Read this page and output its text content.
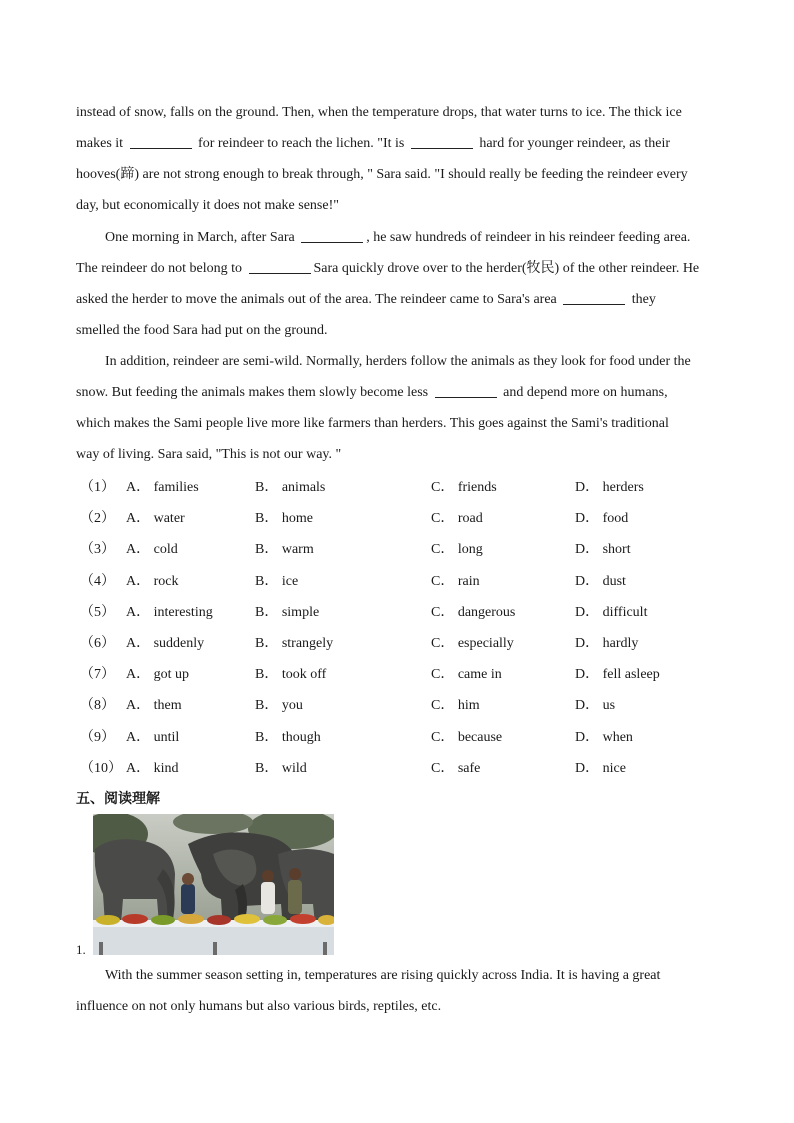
instead of snow, falls on the ground. Then, when the temperature drops, that water turns to ice. The thick ice
makes it	for reindeer to reach the lichen. "It is	hard for younger reindeer, as their
hooves(蹄) are not strong enough to break through, " Sara said. "I should really be feeding the reindeer every
day, but economically it does not make sense!"
One morning in March, after Sara	, he saw hundreds of reindeer in his reindeer feeding area.
The reindeer do not belong to	Sara quickly drove over to the herder(牧民) of the other reindeer. He
asked the herder to move the animals out of the area. The reindeer came to Sara's area	they
smelled the food Sara had put on the ground.
In addition, reindeer are semi-wild. Normally, herders follow the animals as they look for food under the
snow. But feeding the animals makes them slowly become less	and depend more on humans,
which makes the Sami people live more like farmers than herders. This goes against the Sami's traditional
way of living. Sara said, "This is not our way. "
（1） A． families	B． animals	C． friends	D． herders
（2） A． water	B． home	C． road	D． food
（3） A． cold	B． warm	C． long	D． short
（4） A． rock	B． ice	C． rain	D． dust
（5） A． interesting	B． simple	C． dangerous	D． difficult
（6） A． suddenly	B． strangely	C． especially	D． hardly
（7） A． got up	B． took off	C． came in	D． fell asleep
（8） A． them	B． you	C． him	D． us
（9） A． until	B． though	C． because	D． when
（10） A． kind	B． wild	C． safe	D． nice
五、阅读理解
1.
With the summer season setting in, temperatures are rising quickly across India. It is having a great
influence on not only humans but also various birds, reptiles, etc.
